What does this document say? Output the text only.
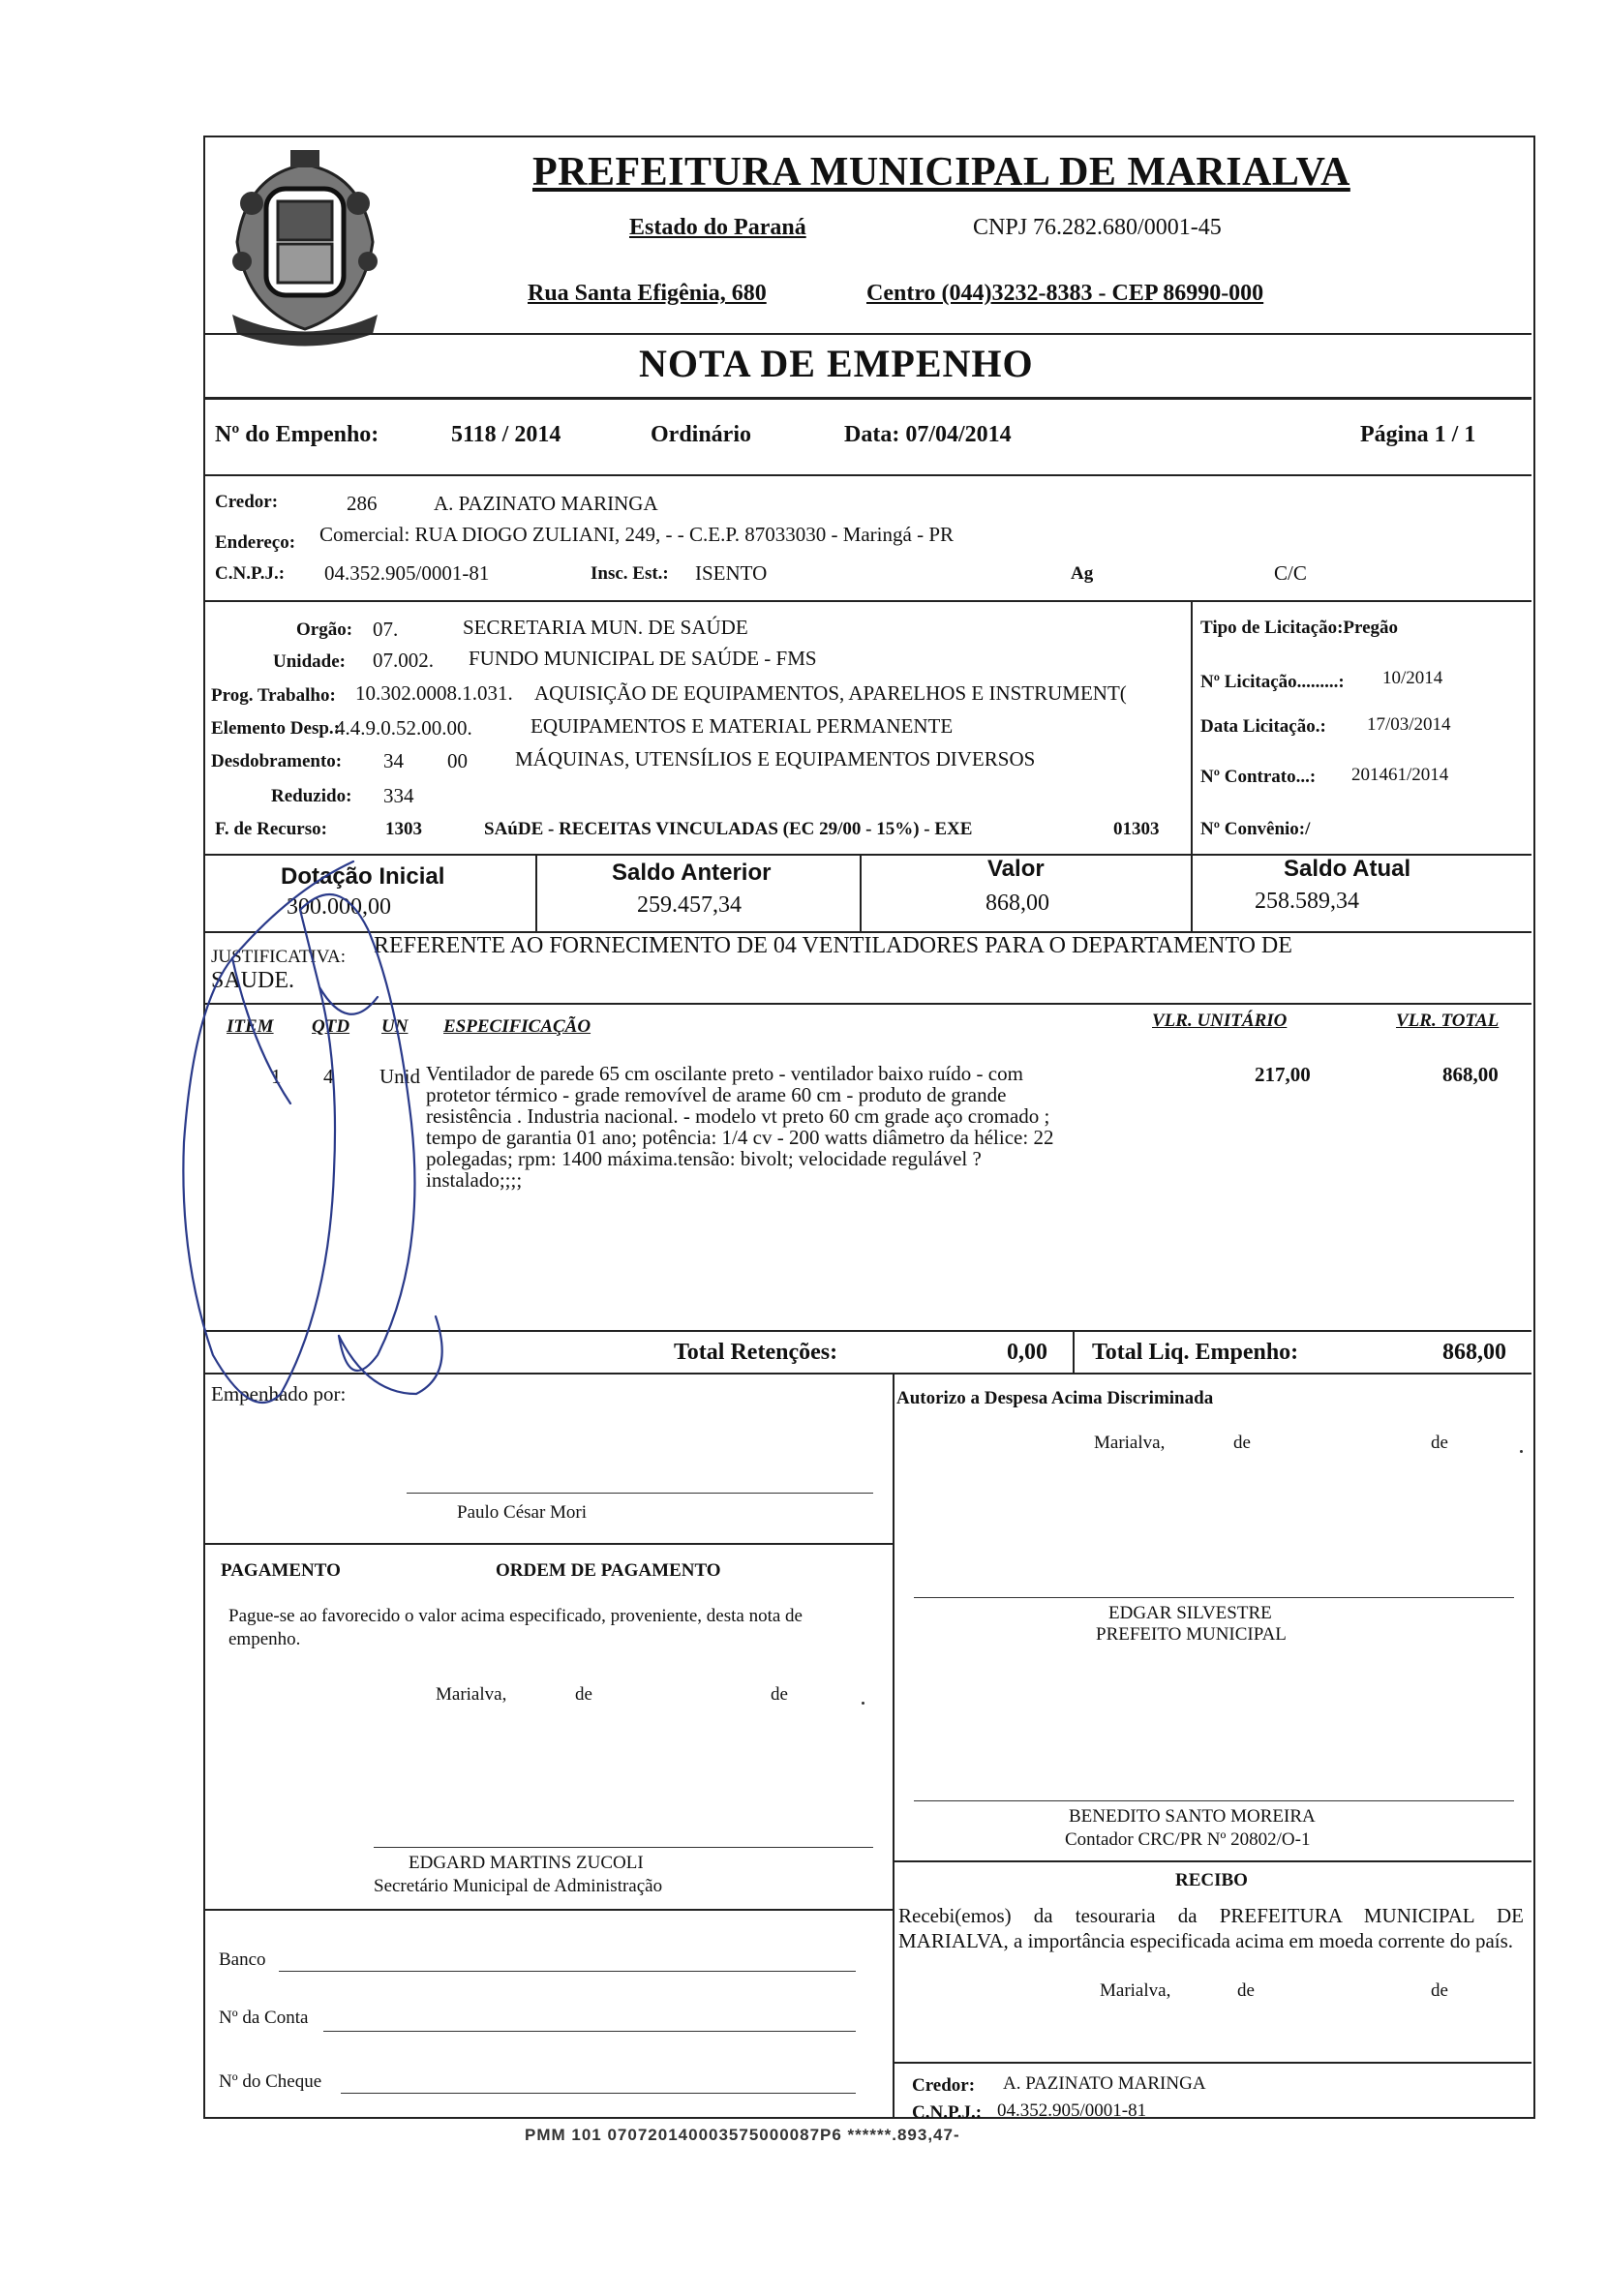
PREFEITURA MUNICIPAL DE MARIALVA
Estado do Paraná	CNPJ 76.282.680/0001-45
Rua Santa Efigênia, 680	Centro (044)3232-8383 - CEP 86990-000
NOTA DE EMPENHO
Nº do Empenho:	5118 / 2014	Ordinário	Data: 07/04/2014	Página 1 / 1
Credor:	286	A. PAZINATO MARINGA
Endereço: Comercial: RUA DIOGO ZULIANI, 249, - - C.E.P. 87033030 - Maringá - PR
C.N.P.J.: 04.352.905/0001-81	Insc. Est.: ISENTO	Ag	C/C
Orgão: 07.	SECRETARIA MUN. DE SAÚDE
Unidade: 07.002. FUNDO MUNICIPAL DE SAÚDE - FMS
Prog. Trabalho: 10.302.0008.1.031. AQUISIÇÃO DE EQUIPAMENTOS, APARELHOS E INSTRUMENT(
Elemento Desp.:
4.4.9.0.52.00.00.	EQUIPAMENTOS E MATERIAL PERMANENTE
Desdobramento: 34 00 MÁQUINAS, UTENSÍLIOS E EQUIPAMENTOS DIVERSOS
Reduzido: 334
F. de Recurso:	1303	SAúDE - RECEITAS VINCULADAS (EC 29/00 - 15%) - EXE	01303
Tipo de Licitação:Pregão
Nº Licitação.........: 10/2014
Data Licitação.: 17/03/2014
Nº Contrato...: 201461/2014
Nº Convênio:/
Dotação Inicial
300.000,00
Saldo Anterior
259.457,34
Valor
868,00
Saldo Atual
258.589,34
JUSTIFICATIVA: REFERENTE AO FORNECIMENTO DE 04 VENTILADORES PARA O DEPARTAMENTO DE
SAUDE.
ITEM QTD UN ESPECIFICAÇÃO	VLR. UNITÁRIO	VLR. TOTAL
1 4 Unid Ventilador de parede 65 cm oscilante preto - ventilador baixo ruído - com
protetor térmico - grade removível de arame 60 cm - produto de grande
resistência . Industria nacional. - modelo vt preto 60 cm grade aço cromado ;
tempo de garantia 01 ano; potência: 1/4 cv - 200 watts diâmetro da hélice: 22
polegadas; rpm: 1400 máxima.tensão: bivolt; velocidade regulável ?
instalado;;;;
217,00	868,00
Total Retenções:	0,00 Total Liq. Empenho:	868,00
Empenhado por:
Paulo César Mori
Autorizo a Despesa Acima Discriminada
Marialva,	de	de
PAGAMENTO	ORDEM DE PAGAMENTO
Pague-se ao favorecido o valor acima especificado, proveniente, desta nota de empenho.
Marialva,	de	de
EDGAR SILVESTRE
PREFEITO MUNICIPAL
BENEDITO SANTO MOREIRA
Contador CRC/PR Nº 20802/O-1
RECIBO
Recebi(emos) da tesouraria da PREFEITURA MUNICIPAL DE MARIALVA, a importância especificada acima em moeda corrente do país.
Marialva,	de	de
EDGARD MARTINS ZUCOLI
Secretário Municipal de Administração
Banco
Nº da Conta
Nº do Cheque	Credor: A. PAZINATO MARINGA
C.N.P.J.: 04.352.905/0001-81
PMM 101 070720140003575000087P6 ******.893,47-
